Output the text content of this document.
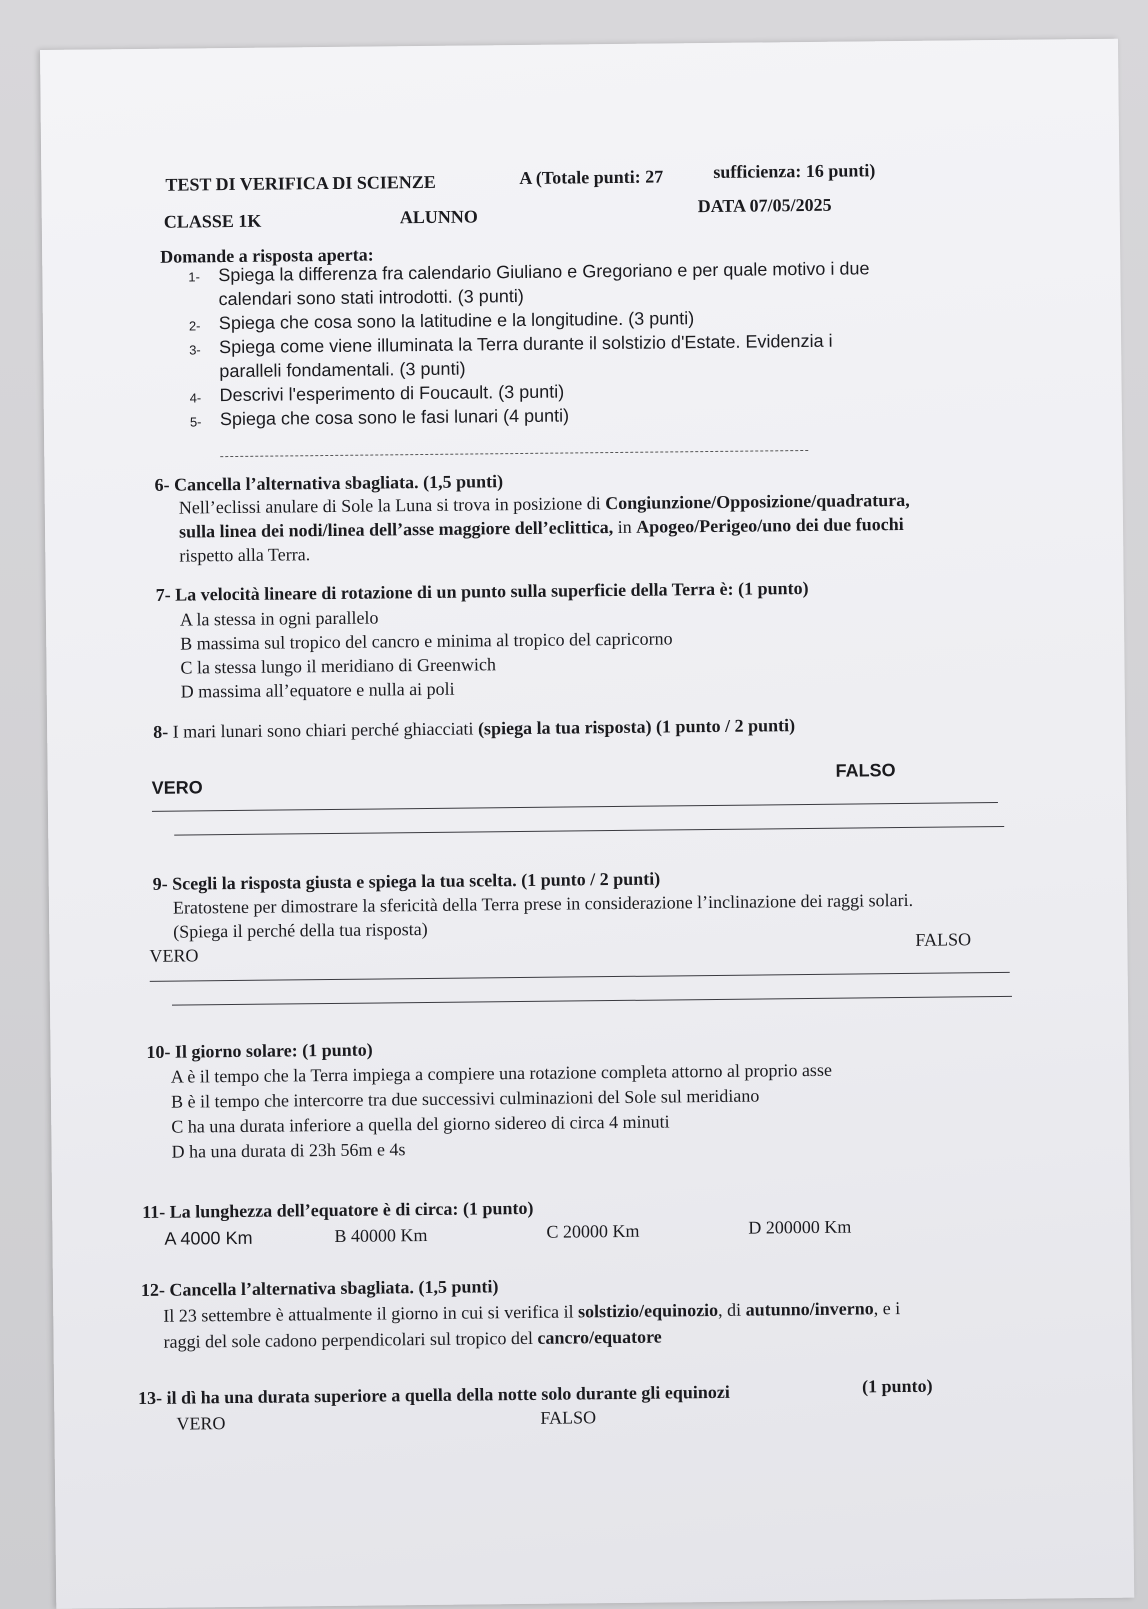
TEST DI VERIFICA DI SCIENZE	A (Totale punti: 27	sufficienza: 16 punti)
CLASSE 1K	ALUNNO
DATA 07/05/2025
Domande a risposta aperta:
1- Spiega la differenza fra calendario Giuliano e Gregoriano e per quale motivo i due
calendari sono stati introdotti. (3 punti)
2- Spiega che cosa sono la latitudine e la longitudine. (3 punti)
3- Spiega come viene illuminata la Terra durante il solstizio d'Estate. Evidenzia i
paralleli fondamentali. (3 punti)
4- Descrivi l'esperimento di Foucault. (3 punti)
5- Spiega che cosa sono le fasi lunari (4 punti)
6- Cancella l’alternativa sbagliata. (1,5 punti)
Nell’eclissi anulare di Sole la Luna si trova in posizione di Congiunzione/Opposizione/quadratura,
sulla linea dei nodi/linea dell’asse maggiore dell’eclittica, in Apogeo/Perigeo/uno dei due fuochi
rispetto alla Terra.
7- La velocità lineare di rotazione di un punto sulla superficie della Terra è: (1 punto)
A la stessa in ogni parallelo
B massima sul tropico del cancro e minima al tropico del capricorno
C la stessa lungo il meridiano di Greenwich
D massima all’equatore e nulla ai poli
8- I mari lunari sono chiari perché ghiacciati (spiega la tua risposta) (1 punto / 2 punti)
VERO
FALSO
9- Scegli la risposta giusta e spiega la tua scelta. (1 punto / 2 punti)
Eratostene per dimostrare la sfericità della Terra prese in considerazione l’inclinazione dei raggi solari.
(Spiega il perché della tua risposta)
VERO
FALSO
10- Il giorno solare: (1 punto)
A è il tempo che la Terra impiega a compiere una rotazione completa attorno al proprio asse
B è il tempo che intercorre tra due successivi culminazioni del Sole sul meridiano
C ha una durata inferiore a quella del giorno sidereo di circa 4 minuti
D ha una durata di 23h 56m e 4s
11- La lunghezza dell’equatore è di circa: (1 punto)
A 4000 Km	B 40000 Km	C 20000 Km	D 200000 Km
12- Cancella l’alternativa sbagliata. (1,5 punti)
Il 23 settembre è attualmente il giorno in cui si verifica il solstizio/equinozio, di autunno/inverno, e i
raggi del sole cadono perpendicolari sul tropico del cancro/equatore
13- il dì ha una durata superiore a quella della notte solo durante gli equinozi	(1 punto)
VERO	FALSO
